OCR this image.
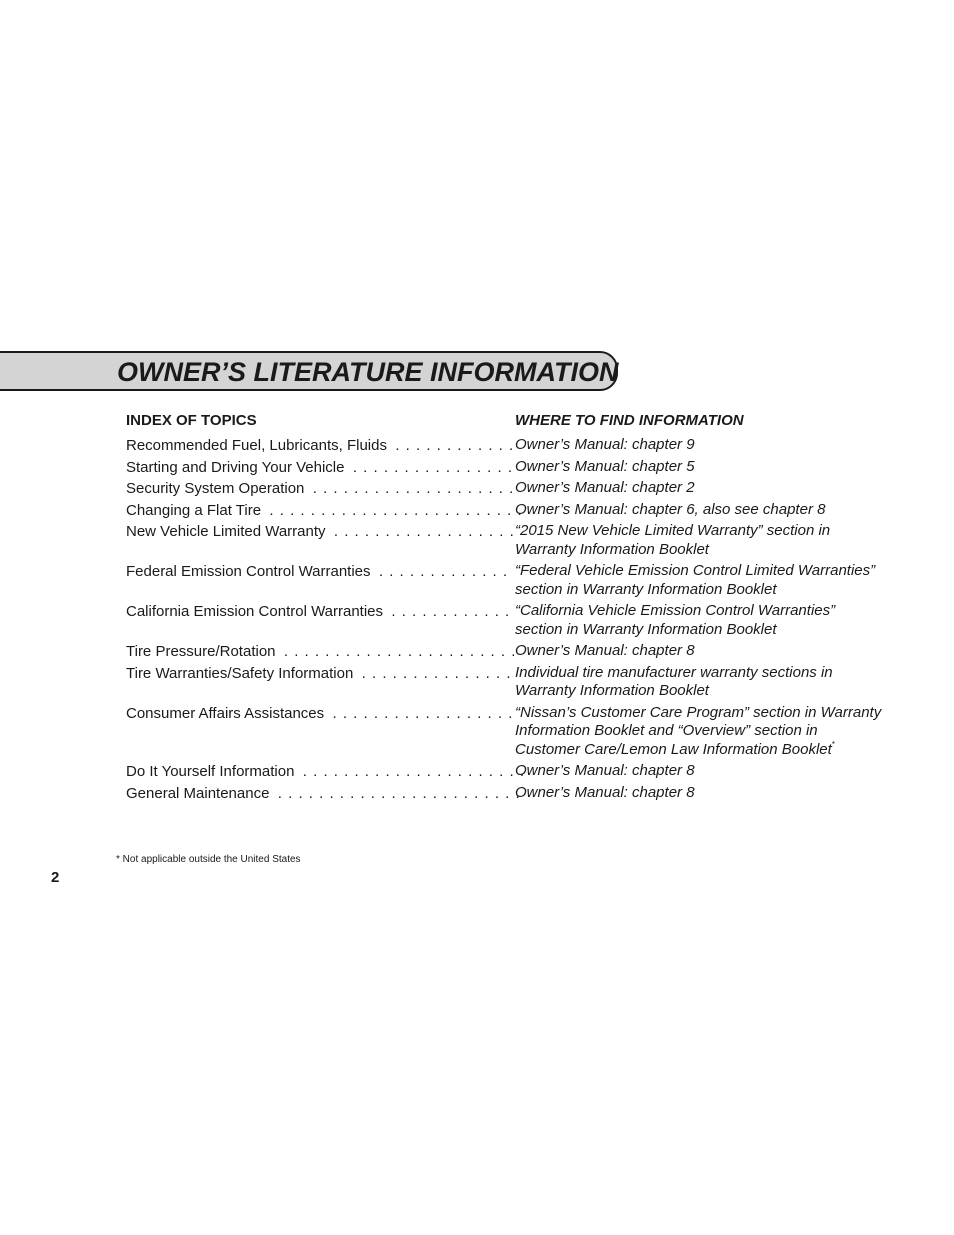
OWNER’S LITERATURE INFORMATION
INDEX OF TOPICS	WHERE TO FIND INFORMATION
Recommended Fuel, Lubricants, Fluids . . . . . . . . . . . . Owner’s Manual: chapter 9
Starting and Driving Your Vehicle . . . . . . . . . . . . . . . . Owner’s Manual: chapter 5
Security System Operation . . . . . . . . . . . . . . . . . . . . Owner’s Manual: chapter 2
Changing a Flat Tire . . . . . . . . . . . . . . . . . . . . . . . . .
Owner’s Manual: chapter 6, also see chapter 8
New Vehicle Limited Warranty . . . . . . . . . . . . . . . . . . “2015 New Vehicle Limited Warranty” section in
Warranty Information Booklet
Federal Emission Control Warranties . . . . . . . . . . . . . “Federal Vehicle Emission Control Limited Warranties”
section in Warranty Information Booklet
California Emission Control Warranties . . . . . . . . . . . . “California Vehicle Emission Control Warranties”
section in Warranty Information Booklet
Tire Pressure/Rotation . . . . . . . . . . . . . . . . . . . . . . .
Owner’s Manual: chapter 8
Tire Warranties/Safety Information . . . . . . . . . . . . . . . Individual tire manufacturer warranty sections in
Warranty Information Booklet
Consumer Affairs Assistances . . . . . . . . . . . . . . . . . . “Nissan’s Customer Care Program” section in Warranty
Information Booklet and “Overview” section in
Customer Care/Lemon Law Information Booklet*
Do It Yourself Information . . . . . . . . . . . . . . . . . . . . . .
Owner’s Manual: chapter 8
General Maintenance . . . . . . . . . . . . . . . . . . . . . . . .
Owner’s Manual: chapter 8
* Not applicable outside the United States
2
